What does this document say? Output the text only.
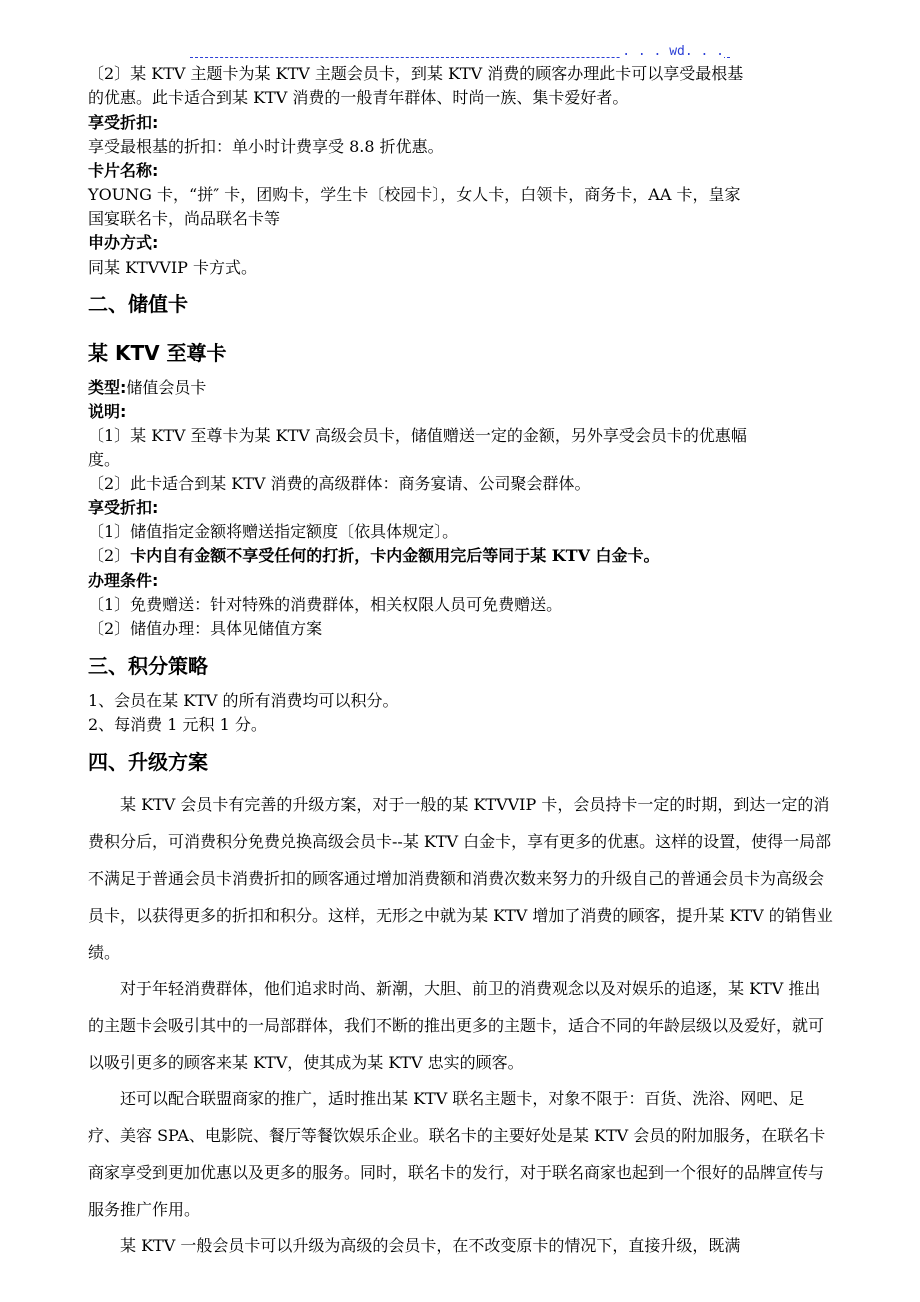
. . . wd. . .
〔2〕某 KTV 主题卡为某 KTV 主题会员卡，到某 KTV 消费的顾客办理此卡可以享受最根基
的优惠。此卡适合到某 KTV 消费的一般青年群体、时尚一族、集卡爱好者。
享受折扣:
享受最根基的折扣：单小时计费享受 8.8 折优惠。
卡片名称:
YOUNG 卡，“拼″ 卡，团购卡，学生卡〔校园卡〕，女人卡，白领卡，商务卡，AA 卡，皇家
国宴联名卡，尚品联名卡等
申办方式:
同某 KTVVIP 卡方式。
二、储值卡
某 KTV 至尊卡
类型:储值会员卡
说明:
〔1〕某 KTV 至尊卡为某 KTV 高级会员卡，储值赠送一定的金额，另外享受会员卡的优惠幅
度。
〔2〕此卡适合到某 KTV 消费的高级群体：商务宴请、公司聚会群体。
享受折扣:
〔1〕储值指定金额将赠送指定额度〔依具体规定〕。
〔2〕卡内自有金额不享受任何的打折，卡内金额用完后等同于某 KTV 白金卡。
办理条件:
〔1〕免费赠送：针对特殊的消费群体，相关权限人员可免费赠送。
〔2〕储值办理：具体见储值方案
三、积分策略
1、会员在某 KTV 的所有消费均可以积分。
2、每消费 1 元积 1 分。
四、升级方案
某 KTV 会员卡有完善的升级方案，对于一般的某 KTVVIP 卡，会员持卡一定的时期，到达一定的消费积分后，可消费积分免费兑换高级会员卡--某 KTV 白金卡，享有更多的优惠。这样的设置，使得一局部不满足于普通会员卡消费折扣的顾客通过增加消费额和消费次数来努力的升级自己的普通会员卡为高级会员卡，以获得更多的折扣和积分。这样，无形之中就为某 KTV 增加了消费的顾客，提升某 KTV 的销售业绩。
对于年轻消费群体，他们追求时尚、新潮，大胆、前卫的消费观念以及对娱乐的追逐，某 KTV 推出的主题卡会吸引其中的一局部群体，我们不断的推出更多的主题卡，适合不同的年龄层级以及爱好，就可以吸引更多的顾客来某 KTV，使其成为某 KTV 忠实的顾客。
还可以配合联盟商家的推广，适时推出某 KTV 联名主题卡，对象不限于：百货、洗浴、网吧、足疗、美容 SPA、电影院、餐厅等餐饮娱乐企业。联名卡的主要好处是某 KTV 会员的附加服务，在联名卡商家享受到更加优惠以及更多的服务。同时，联名卡的发行，对于联名商家也起到一个很好的品牌宣传与服务推广作用。
某 KTV 一般会员卡可以升级为高级的会员卡，在不改变原卡的情况下，直接升级，既满
